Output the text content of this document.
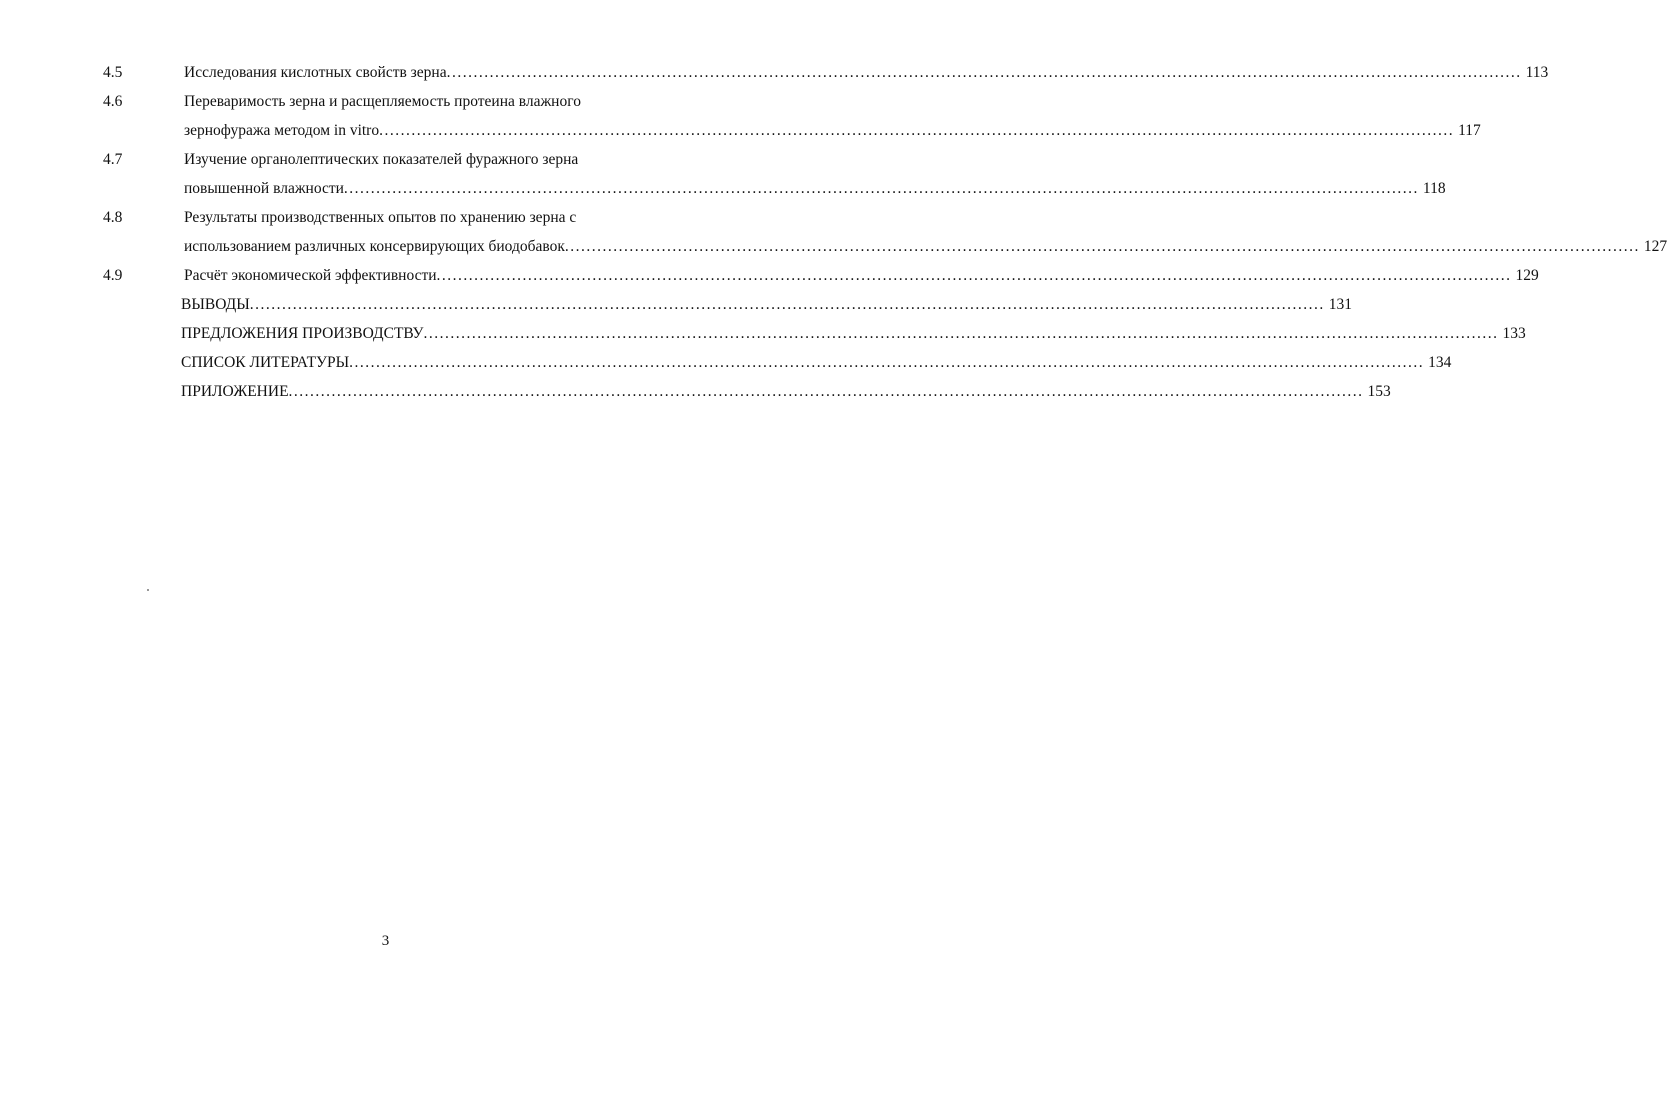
4.5	Исследования кислотных свойств зерна ........................................................................................................................................................................................................ 113
4.6	Переваримость зерна и расщепляемость протеина влажного
зернофуража методом in vitro ........................................................................................................................................................................................................ 117
4.7	Изучение органолептических показателей фуражного зерна
повышенной влажности ........................................................................................................................................................................................................ 118
4.8	Результаты производственных опытов по хранению зерна с
использованием различных консервирующих биодобавок ........................................................................................................................................................................................................ 127
4.9	Расчёт экономической эффективности ........................................................................................................................................................................................................ 129
ВЫВОДЫ ........................................................................................................................................................................................................ 131
ПРЕДЛОЖЕНИЯ ПРОИЗВОДСТВУ ........................................................................................................................................................................................................ 133
СПИСОК ЛИТЕРАТУРЫ ........................................................................................................................................................................................................ 134
ПРИЛОЖЕНИЕ ........................................................................................................................................................................................................ 153
3
